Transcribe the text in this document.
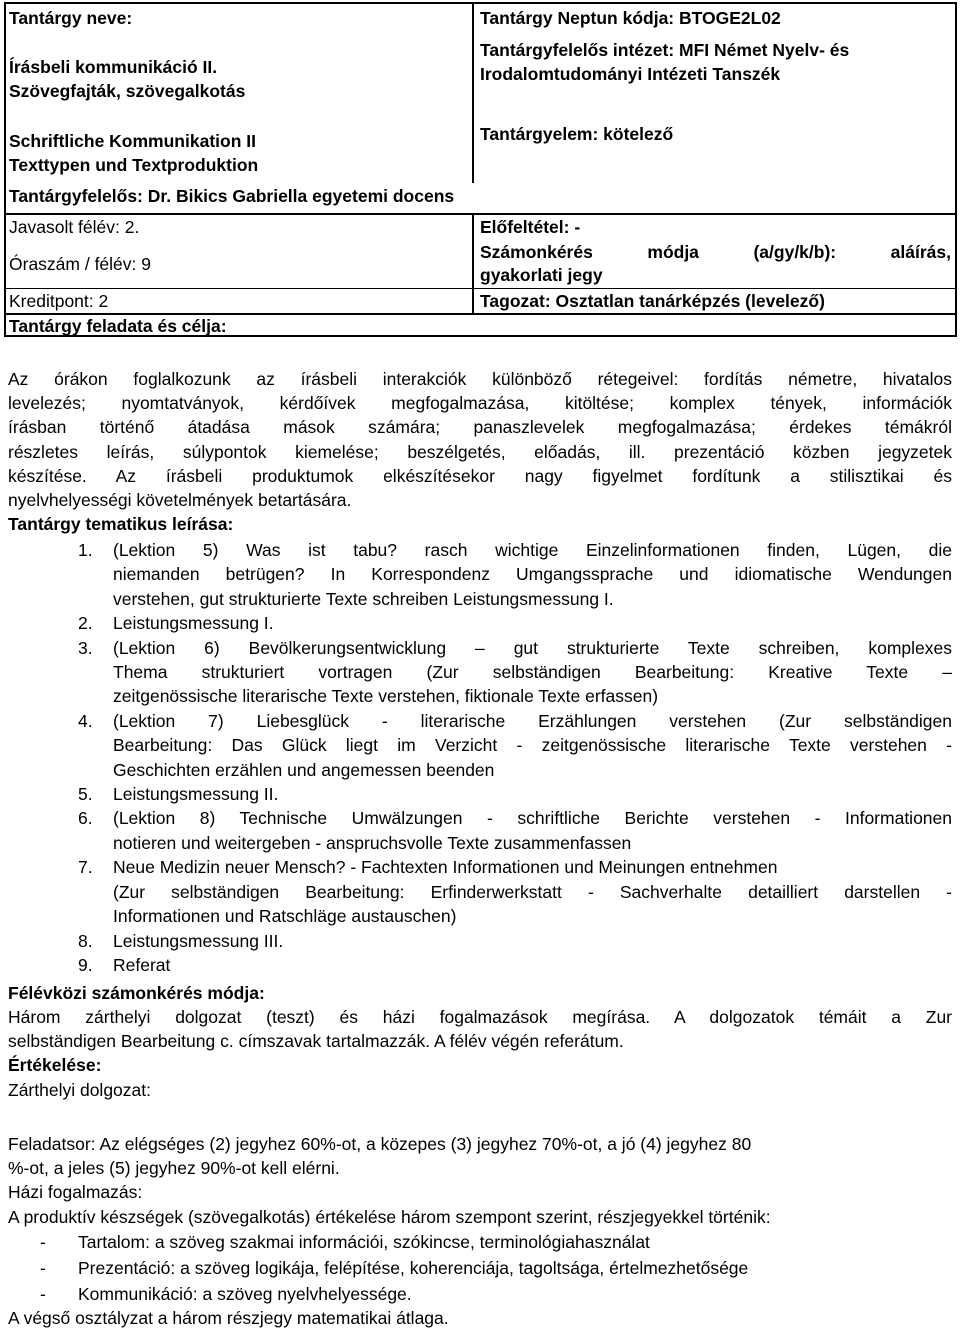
Tantárgy neve:
Írásbeli kommunikáció II.
Szövegfajták, szövegalkotás
Schriftliche Kommunikation II
Texttypen und Textproduktion
Tantárgyfelelős: Dr. Bikics Gabriella egyetemi docens
Tantárgy Neptun kódja: BTOGE2L02
Tantárgyfelelős intézet: MFI Német Nyelv- és
Irodalomtudományi Intézeti Tanszék
Tantárgyelem: kötelező
Javasolt félév: 2.	Előfeltétel: -
Óraszám / félév: 9
Számonkérés módja (a/gy/k/b): aláírás,
gyakorlati jegy
Kreditpont: 2	Tagozat: Osztatlan tanárképzés (levelező)
Tantárgy feladata és célja:
Az órákon foglalkozunk az írásbeli interakciók különböző rétegeivel: fordítás németre, hivatalos
levelezés; nyomtatványok, kérdőívek megfogalmazása, kitöltése; komplex tények, információk
írásban történő átadása mások számára; panaszlevelek megfogalmazása; érdekes témákról
részletes leírás, súlypontok kiemelése; beszélgetés, előadás, ill. prezentáció közben jegyzetek
készítése. Az írásbeli produktumok elkészítésekor nagy figyelmet fordítunk a stilisztikai és
nyelvhelyességi követelmények betartására.
Tantárgy tematikus leírása:
1. (Lektion 5) Was ist tabu? rasch wichtige Einzelinformationen finden, Lügen, die
niemanden betrügen? In Korrespondenz Umgangssprache und idiomatische Wendungen
verstehen, gut strukturierte Texte schreiben Leistungsmessung I.
2. Leistungsmessung I.
3. (Lektion 6) Bevölkerungsentwicklung – gut strukturierte Texte schreiben, komplexes
Thema strukturiert vortragen (Zur selbständigen Bearbeitung: Kreative Texte –
zeitgenössische literarische Texte verstehen, fiktionale Texte erfassen)
4. (Lektion 7) Liebesglück - literarische Erzählungen verstehen (Zur selbständigen
Bearbeitung: Das Glück liegt im Verzicht - zeitgenössische literarische Texte verstehen -
Geschichten erzählen und angemessen beenden
5. Leistungsmessung II.
6. (Lektion 8) Technische Umwälzungen - schriftliche Berichte verstehen - Informationen
notieren und weitergeben - anspruchsvolle Texte zusammenfassen
7. Neue Medizin neuer Mensch? - Fachtexten Informationen und Meinungen entnehmen
(Zur selbständigen Bearbeitung: Erfinderwerkstatt - Sachverhalte detailliert darstellen -
Informationen und Ratschläge austauschen)
8. Leistungsmessung III.
9. Referat
Félévközi számonkérés módja:
Három zárthelyi dolgozat (teszt) és házi fogalmazások megírása. A dolgozatok témáit a Zur
selbständigen Bearbeitung c. címszavak tartalmazzák. A félév végén referátum.
Értékelése:
Zárthelyi dolgozat:
Feladatsor: Az elégséges (2) jegyhez 60%-ot, a közepes (3) jegyhez 70%-ot, a jó (4) jegyhez 80
%-ot, a jeles (5) jegyhez 90%-ot kell elérni.
Házi fogalmazás:
A produktív készségek (szövegalkotás) értékelése három szempont szerint, részjegyekkel történik:
- Tartalom: a szöveg szakmai információi, szókincse, terminológiahasználat
- Prezentáció: a szöveg logikája, felépítése, koherenciája, tagoltsága, értelmezhetősége
- Kommunikáció: a szöveg nyelvhelyessége.
A végső osztályzat a három részjegy matematikai átlaga.
